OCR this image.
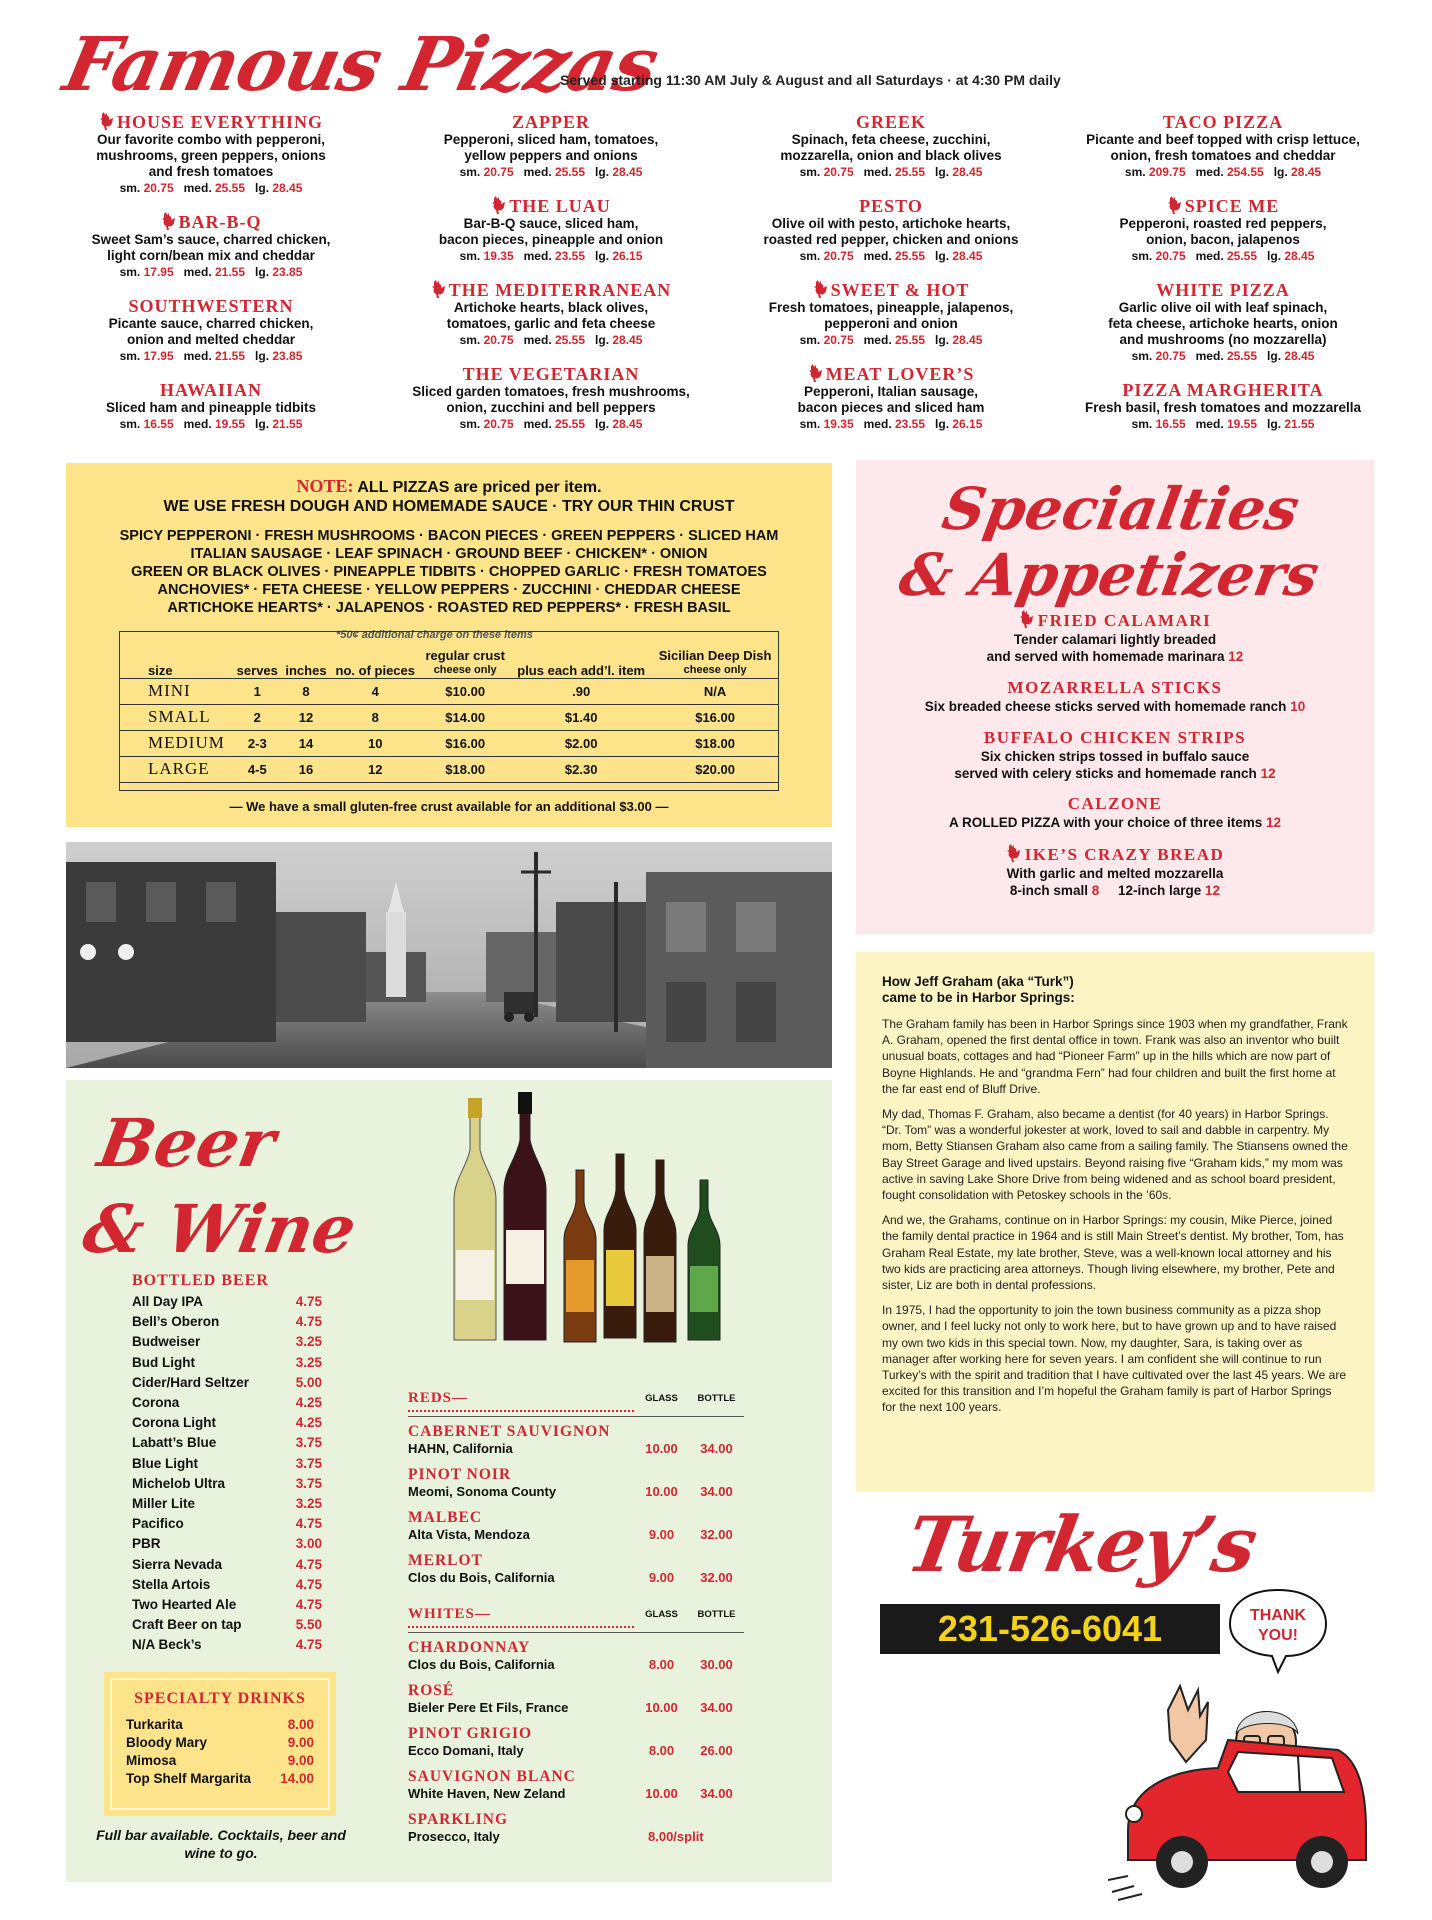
Famous Pizzas
Served starting 11:30 AM July & August and all Saturdays · at 4:30 PM daily
HOUSE EVERYTHING
Our favorite combo with pepperoni,
mushrooms, green peppers, onions
and fresh tomatoes
sm. 20.75 med. 25.55 lg. 28.45
BAR-B-Q
Sweet Sam’s sauce, charred chicken,
light corn/bean mix and cheddar
sm. 17.95 med. 21.55 lg. 23.85
SOUTHWESTERN
Picante sauce, charred chicken,
onion and melted cheddar
sm. 17.95 med. 21.55 lg. 23.85
HAWAIIAN
Sliced ham and pineapple tidbits
sm. 16.55 med. 19.55 lg. 21.55
ZAPPER
Pepperoni, sliced ham, tomatoes,
yellow peppers and onions
sm. 20.75 med. 25.55 lg. 28.45
THE LUAU
Bar-B-Q sauce, sliced ham,
bacon pieces, pineapple and onion
sm. 19.35 med. 23.55 lg. 26.15
THE MEDITERRANEAN
Artichoke hearts, black olives,
tomatoes, garlic and feta cheese
sm. 20.75 med. 25.55 lg. 28.45
THE VEGETARIAN
Sliced garden tomatoes, fresh mushrooms,
onion, zucchini and bell peppers
sm. 20.75 med. 25.55 lg. 28.45
GREEK
Spinach, feta cheese, zucchini,
mozzarella, onion and black olives
sm. 20.75 med. 25.55 lg. 28.45
PESTO
Olive oil with pesto, artichoke hearts,
roasted red pepper, chicken and onions
sm. 20.75 med. 25.55 lg. 28.45
SWEET & HOT
Fresh tomatoes, pineapple, jalapenos,
pepperoni and onion
sm. 20.75 med. 25.55 lg. 28.45
MEAT LOVER’S
Pepperoni, Italian sausage,
bacon pieces and sliced ham
sm. 19.35 med. 23.55 lg. 26.15
TACO PIZZA
Picante and beef topped with crisp lettuce,
onion, fresh tomatoes and cheddar
sm. 209.75 med. 254.55 lg. 28.45
SPICE ME
Pepperoni, roasted red peppers,
onion, bacon, jalapenos
sm. 20.75 med. 25.55 lg. 28.45
WHITE PIZZA
Garlic olive oil with leaf spinach,
feta cheese, artichoke hearts, onion
and mushrooms (no mozzarella)
sm. 20.75 med. 25.55 lg. 28.45
PIZZA MARGHERITA
Fresh basil, fresh tomatoes and mozzarella
sm. 16.55 med. 19.55 lg. 21.55
NOTE: ALL PIZZAS are priced per item.
WE USE FRESH DOUGH AND HOMEMADE SAUCE · TRY OUR THIN CRUST
SPICY PEPPERONI · FRESH MUSHROOMS · BACON PIECES · GREEN PEPPERS · SLICED HAM
ITALIAN SAUSAGE · LEAF SPINACH · GROUND BEEF · CHICKEN* · ONION
GREEN OR BLACK OLIVES · PINEAPPLE TIDBITS · CHOPPED GARLIC · FRESH TOMATOES
ANCHOVIES* · FETA CHEESE · YELLOW PEPPERS · ZUCCHINI · CHEDDAR CHEESE
ARTICHOKE HEARTS* · JALAPENOS · ROASTED RED PEPPERS* · FRESH BASIL
*50¢ additional charge on these items
size	serves	inches	no. of pieces	regular crust
cheese only	plus each add’l. item	Sicilian Deep Dish
cheese only

MINI	1	8	4	$10.00	.90	N/A
SMALL	2	12	8	$14.00	$1.40	$16.00
MEDIUM	2-3	14	10	$16.00	$2.00	$18.00
LARGE	4-5	16	12	$18.00	$2.30	$20.00
— We have a small gluten-free crust available for an additional $3.00 —
Specialties
& Appetizers
FRIED CALAMARI
Tender calamari lightly breaded
and served with homemade marinara 12
MOZARRELLA STICKS
Six breaded cheese sticks served with homemade ranch 10
BUFFALO CHICKEN STRIPS
Six chicken strips tossed in buffalo sauce
served with celery sticks and homemade ranch 12
CALZONE
A ROLLED PIZZA with your choice of three items 12
IKE’S CRAZY BREAD
With garlic and melted mozzarella
8-inch small 8 12-inch large 12
How Jeff Graham (aka “Turk”)
came to be in Harbor Springs:

The Graham family has been in Harbor Springs since 1903 when my grandfather, Frank A. Graham, opened the first dental office in town. Frank was also an inventor who built unusual boats, cottages and had “Pioneer Farm” up in the hills which are now part of Boyne Highlands. He and “grandma Fern” had four children and built the first home at the far east end of Bluff Drive.

My dad, Thomas F. Graham, also became a dentist (for 40 years) in Harbor Springs. “Dr. Tom” was a wonderful jokester at work, loved to sail and dabble in carpentry. My mom, Betty Stiansen Graham also came from a sailing family. The Stiansens owned the Bay Street Garage and lived upstairs. Beyond raising five “Graham kids,” my mom was active in saving Lake Shore Drive from being widened and as school board president, fought consolidation with Petoskey schools in the ’60s.

And we, the Grahams, continue on in Harbor Springs: my cousin, Mike Pierce, joined the family dental practice in 1964 and is still Main Street’s dentist. My brother, Tom, has Graham Real Estate, my late brother, Steve, was a well-known local attorney and his two kids are practicing area attorneys. Though living elsewhere, my brother, Pete and sister, Liz are both in dental professions.

In 1975, I had the opportunity to join the town business community as a pizza shop owner, and I feel lucky not only to work here, but to have grown up and to have raised my own two kids in this special town. Now, my daughter, Sara, is taking over as manager after working here for seven years. I am confident she will continue to run Turkey’s with the spirit and tradition that I have cultivated over the last 45 years. We are excited for this transition and I’m hopeful the Graham family is part of Harbor Springs for the next 100 years.

Turkey’s
231-526-6041	THANK
YOU!
Beer
& Wine
BOTTLED BEER
All Day IPA	4.75
Bell’s Oberon	4.75
Budweiser	3.25
Bud Light	3.25
Cider/Hard Seltzer	5.00
Corona	4.25
Corona Light	4.25
Labatt’s Blue	3.75
Blue Light	3.75
Michelob Ultra	3.75
Miller Lite	3.25
Pacifico	4.75
PBR	3.00
Sierra Nevada	4.75
Stella Artois	4.75
Two Hearted Ale	4.75
Craft Beer on tap	5.50
N/A Beck’s	4.75
SPECIALTY DRINKS
Turkarita	8.00
Bloody Mary	9.00
Mimosa	9.00
Top Shelf Margarita 14.00
Full bar available. Cocktails, beer and wine to go.
REDS—	GLASS	BOTTLE
CABERNET SAUVIGNON
HAHN, California	10.00	34.00
PINOT NOIR
Meomi, Sonoma County	10.00	34.00
MALBEC
Alta Vista, Mendoza	9.00	32.00
MERLOT
Clos du Bois, California	9.00	32.00
WHITES—	GLASS	BOTTLE
CHARDONNAY
Clos du Bois, California	8.00	30.00
ROSÉ
Bieler Pere Et Fils, France	10.00	34.00
PINOT GRIGIO
Ecco Domani, Italy	8.00	26.00
SAUVIGNON BLANC
White Haven, New Zeland	10.00	34.00
SPARKLING
Prosecco, Italy	8.00/split
